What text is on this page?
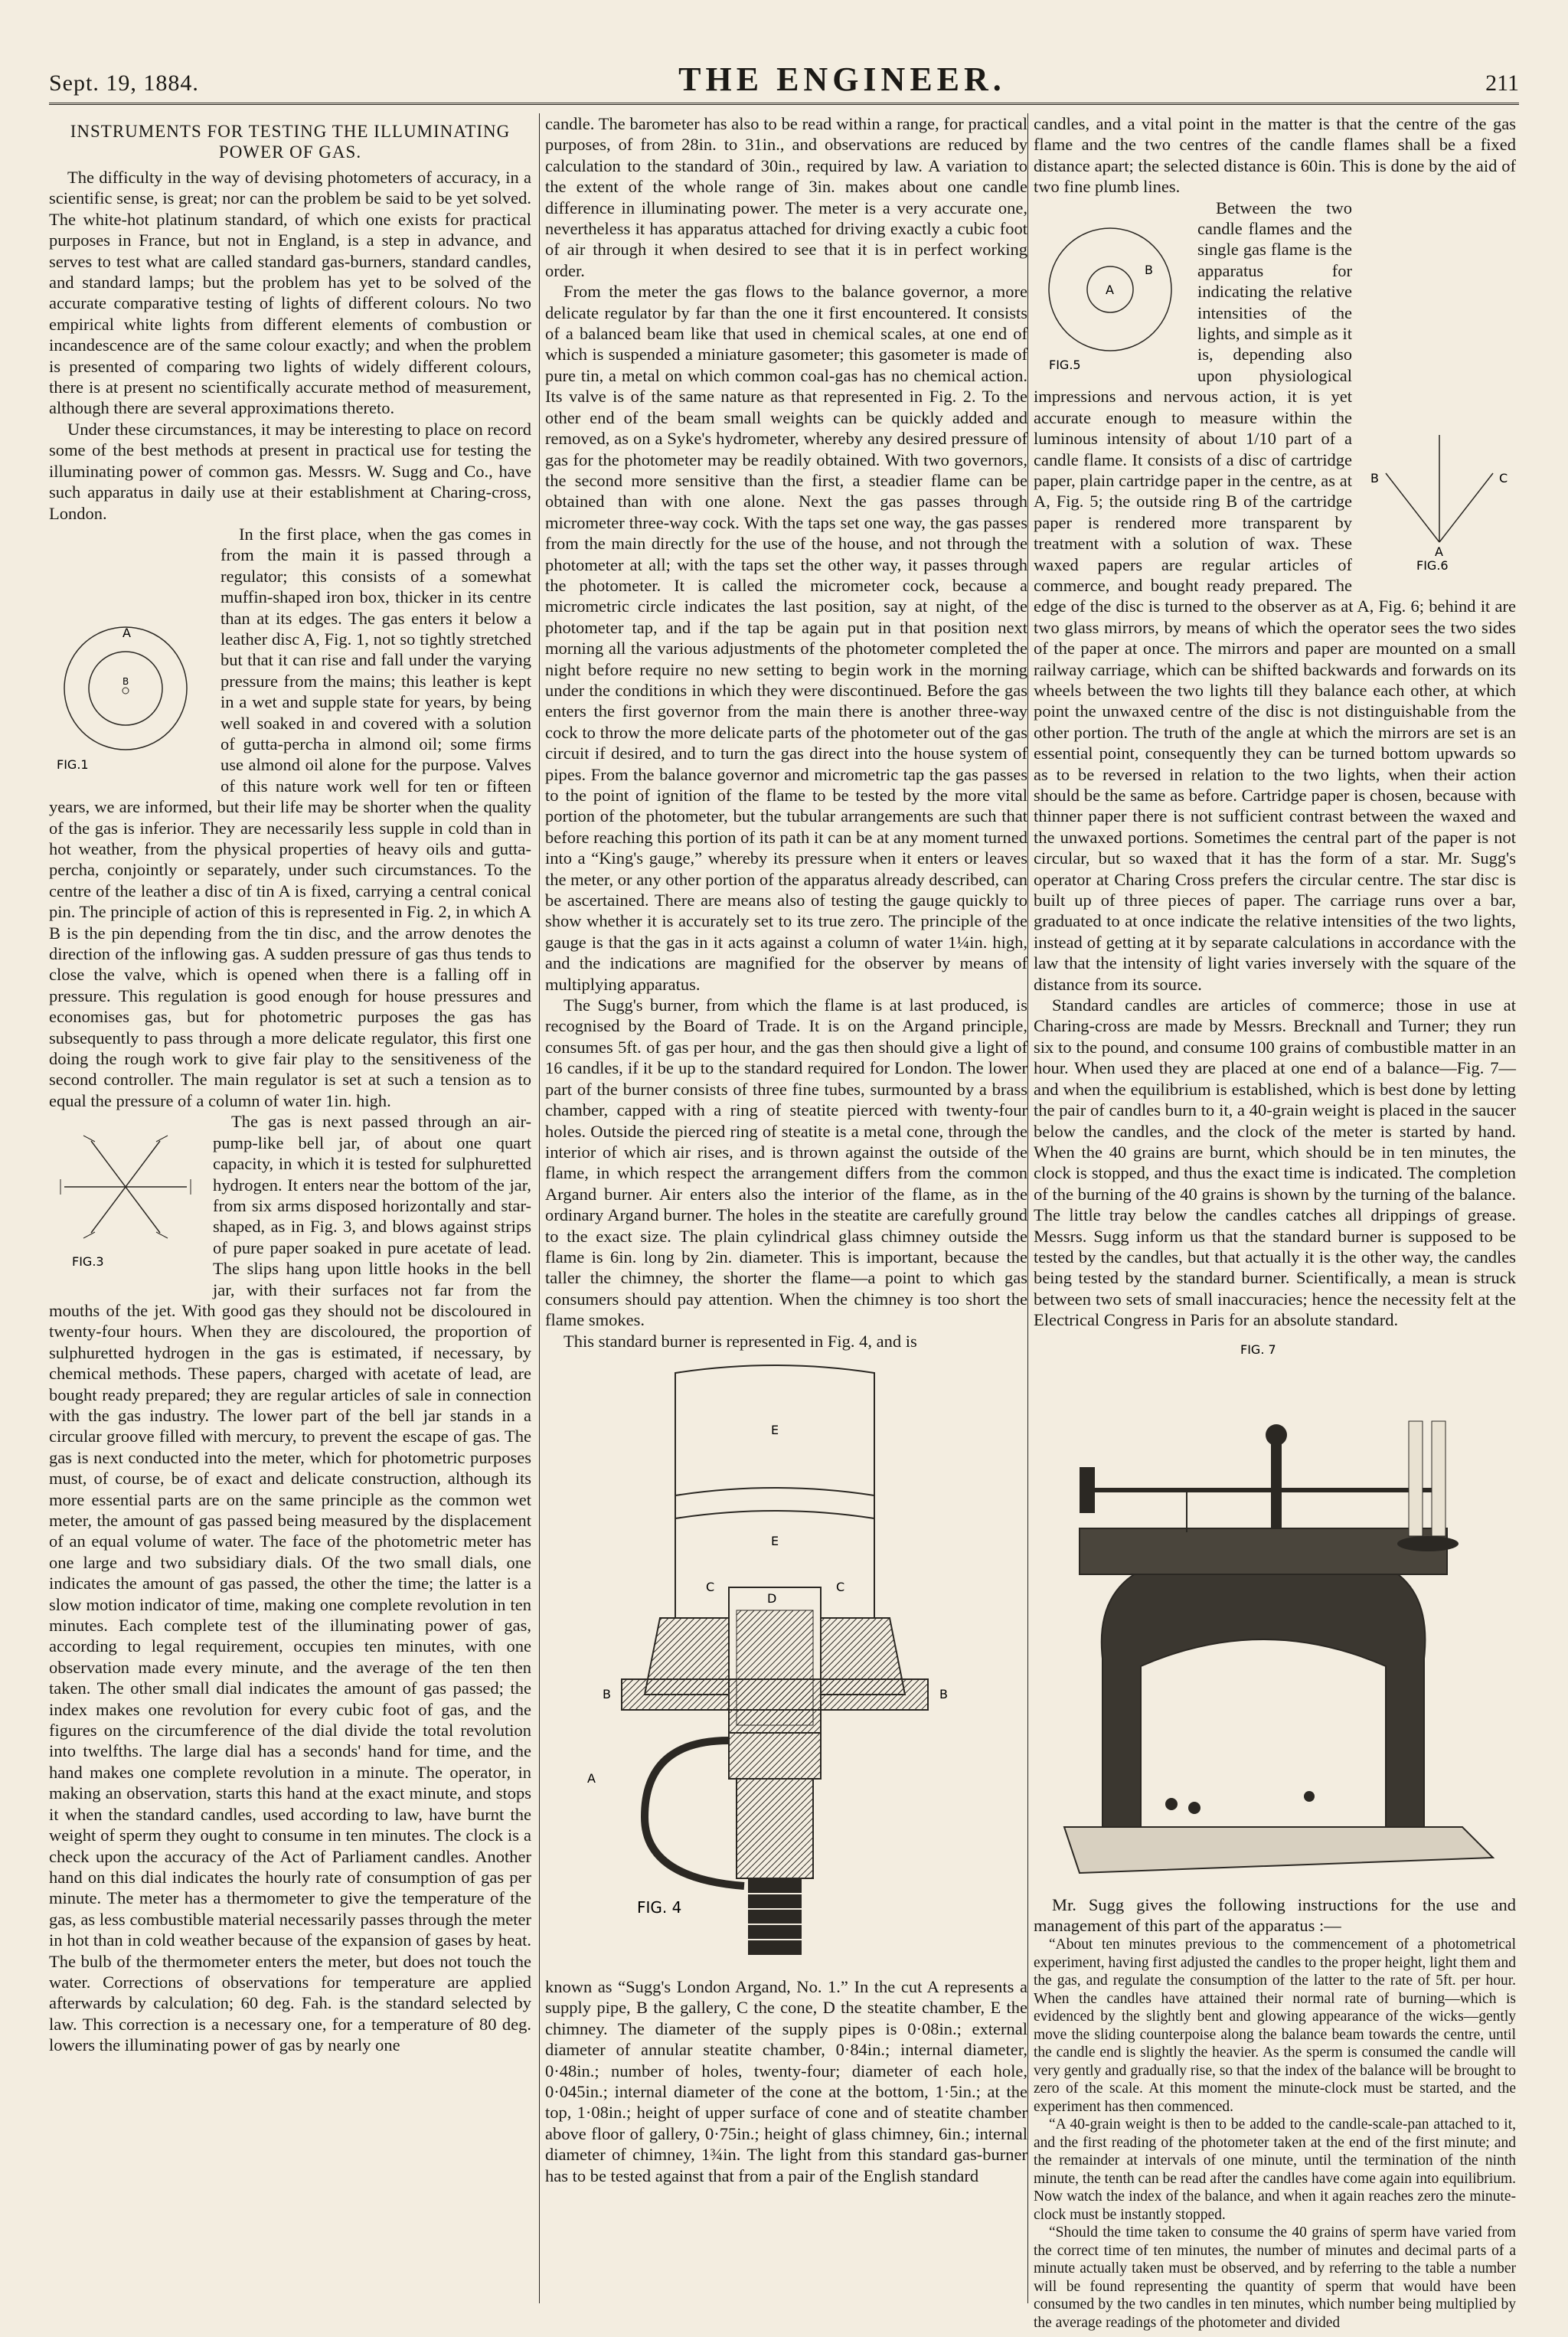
Sept. 19, 1884.	THE ENGINEER.	211
INSTRUMENTS FOR TESTING THE ILLUMINATING POWER OF GAS.

The difficulty in the way of devising photometers of accuracy, in a scientific sense, is great; nor can the problem be said to be yet solved. The white-hot platinum standard, of which one exists for practical purposes in France, but not in England, is a step in advance, and serves to test what are called standard gas-burners, standard candles, and standard lamps; but the problem has yet to be solved of the accurate comparative testing of lights of different colours. No two empirical white lights from different elements of combustion or incandescence are of the same colour exactly; and when the problem is presented of comparing two lights of widely different colours, there is at present no scientifically accurate method of measurement, although there are several approximations thereto.

Under these circumstances, it may be interesting to place on record some of the best methods at present in practical use for testing the illuminating power of common gas. Messrs. W. Sugg and Co., have such apparatus in daily use at their establishment at Charing-cross, London.

A
B
FIG.1

In the first place, when the gas comes in from the main it is passed through a regulator; this consists of a somewhat muffin-shaped iron box, thicker in its centre than at its edges. The gas enters it below a leather disc A, Fig. 1, not so tightly stretched but that it can rise and fall under the varying pressure from the mains; this leather is kept in a wet and supple state for years, by being well soaked in and covered with a solution of gutta-percha in almond oil; some firms use almond oil alone for the purpose. Valves of this nature work well for ten or fifteen years, we are informed, but their life may be shorter when the quality of the gas is inferior. They are necessarily less supple in cold than in hot weather, from the physical properties of heavy oils and gutta-percha, conjointly or separately, under such circumstances. To the centre of the leather a disc of tin A is fixed, carrying a central conical pin. The principle of action of this is represented in Fig. 2, in which A B is the pin depending from the tin disc, and the arrow denotes the direction of the inflowing gas. A sudden pressure of gas thus tends to close the valve, which is opened when there is a falling off in pressure. This regulation is good enough for house pressures and economises gas, but for photometric purposes the gas has subsequently to pass through a more delicate regulator, this first one doing the rough work to give fair play to the sensitiveness of the second controller. The main regulator is set at such a tension as to equal the pressure of a column of water 1in. high.

FIG.3

The gas is next passed through an air-pump-like bell jar, of about one quart capacity, in which it is tested for sulphuretted hydrogen. It enters near the bottom of the jar, from six arms disposed horizontally and star-shaped, as in Fig. 3, and blows against strips of pure paper soaked in pure acetate of lead. The slips hang upon little hooks in the bell jar, with their surfaces not far from the mouths of the jet. With good gas they should not be discoloured in twenty-four hours. When they are discoloured, the proportion of sulphuretted hydrogen in the gas is estimated, if necessary, by chemical methods. These papers, charged with acetate of lead, are bought ready prepared; they are regular articles of sale in connection with the gas industry. The lower part of the bell jar stands in a circular groove filled with mercury, to prevent the escape of gas. The gas is next conducted into the meter, which for photometric purposes must, of course, be of exact and delicate construction, although its more essential parts are on the same principle as the common wet meter, the amount of gas passed being measured by the displacement of an equal volume of water. The face of the photometric meter has one large and two subsidiary dials. Of the two small dials, one indicates the amount of gas passed, the other the time; the latter is a slow motion indicator of time, making one complete revolution in ten minutes. Each complete test of the illuminating power of gas, according to legal requirement, occupies ten minutes, with one observation made every minute, and the average of the ten then taken. The other small dial indicates the amount of gas passed; the index makes one revolution for every cubic foot of gas, and the figures on the circumference of the dial divide the total revolution into twelfths. The large dial has a seconds' hand for time, and the hand makes one complete revolution in a minute. The operator, in making an observation, starts this hand at the exact minute, and stops it when the standard candles, used according to law, have burnt the weight of sperm they ought to consume in ten minutes. The clock is a check upon the accuracy of the Act of Parliament candles. Another hand on this dial indicates the hourly rate of consumption of gas per minute. The meter has a thermometer to give the temperature of the gas, as less combustible material necessarily passes through the meter in hot than in cold weather because of the expansion of gases by heat. The bulb of the thermometer enters the meter, but does not touch the water. Corrections of observations for temperature are applied afterwards by calculation; 60 deg. Fah. is the standard selected by law. This correction is a necessary one, for a temperature of 80 deg. lowers the illuminating power of gas by nearly one

candle. The barometer has also to be read within a range, for practical purposes, of from 28in. to 31in., and observations are reduced by calculation to the standard of 30in., required by law. A variation to the extent of the whole range of 3in. makes about one candle difference in illuminating power. The meter is a very accurate one, nevertheless it has apparatus attached for driving exactly a cubic foot of air through it when desired to see that it is in perfect working order.

From the meter the gas flows to the balance governor, a more delicate regulator by far than the one it first encountered. It consists of a balanced beam like that used in chemical scales, at one end of which is suspended a miniature gasometer; this gasometer is made of pure tin, a metal on which common coal-gas has no chemical action. Its valve is of the same nature as that represented in Fig. 2. To the other end of the beam small weights can be quickly added and removed, as on a Syke's hydrometer, whereby any desired pressure of gas for the photometer may be readily obtained. With two governors, the second more sensitive than the first, a steadier flame can be obtained than with one alone. Next the gas passes through micrometer three-way cock. With the taps set one way, the gas passes from the main directly for the use of the house, and not through the photometer at all; with the taps set the other way, it passes through the photometer. It is called the micrometer cock, because a micrometric circle indicates the last position, say at night, of the photometer tap, and if the tap be again put in that position next morning all the various adjustments of the photometer completed the night before require no new setting to begin work in the morning under the conditions in which they were discontinued. Before the gas enters the first governor from the main there is another three-way cock to throw the more delicate parts of the photometer out of the gas circuit if desired, and to turn the gas direct into the house system of pipes. From the balance governor and micrometric tap the gas passes to the point of ignition of the flame to be tested by the more vital portion of the photometer, but the tubular arrangements are such that before reaching this portion of its path it can be at any moment turned into a “King's gauge,” whereby its pressure when it enters or leaves the meter, or any other portion of the apparatus already described, can be ascertained. There are means also of testing the gauge quickly to show whether it is accurately set to its true zero. The principle of the gauge is that the gas in it acts against a column of water 1¼in. high, and the indications are magnified for the observer by means of multiplying apparatus.

The Sugg's burner, from which the flame is at last produced, is recognised by the Board of Trade. It is on the Argand principle, consumes 5ft. of gas per hour, and the gas then should give a light of 16 candles, if it be up to the standard required for London. The lower part of the burner consists of three fine tubes, surmounted by a brass chamber, capped with a ring of steatite pierced with twenty-four holes. Outside the pierced ring of steatite is a metal cone, through the interior of which air rises, and is thrown against the outside of the flame, in which respect the arrangement differs from the common Argand burner. Air enters also the interior of the flame, as in the ordinary Argand burner. The holes in the steatite are carefully ground to the exact size. The plain cylindrical glass chimney outside the flame is 6in. long by 2in. diameter. This is important, because the taller the chimney, the shorter the flame—a point to which gas consumers should pay attention. When the chimney is too short the flame smokes.

This standard burner is represented in Fig. 4, and is

E
E
C	C
D
B	B
A
FIG. 4

known as “Sugg's London Argand, No. 1.” In the cut A represents a supply pipe, B the gallery, C the cone, D the steatite chamber, E the chimney. The diameter of the supply pipes is 0·08in.; external diameter of annular steatite chamber, 0·84in.; internal diameter, 0·48in.; number of holes, twenty-four; diameter of each hole, 0·045in.; internal diameter of the cone at the bottom, 1·5in.; at the top, 1·08in.; height of upper surface of cone and of steatite chamber above floor of gallery, 0·75in.; height of glass chimney, 6in.; internal diameter of chimney, 1¾in. The light from this standard gas-burner has to be tested against that from a pair of the English standard

candles, and a vital point in the matter is that the centre of the gas flame and the two centres of the candle flames shall be a fixed distance apart; the selected distance is 60in. This is done by the aid of two fine plumb lines.

A
B
FIG.5
B	C
A
FIG.6

Between the two candle flames and the single gas flame is the apparatus for indicating the relative intensities of the lights, and simple as it is, depending also upon physiological impressions and nervous action, it is yet accurate enough to measure within the luminous intensity of about 1/10 part of a candle flame. It consists of a disc of cartridge paper, plain cartridge paper in the centre, as at A, Fig. 5; the outside ring B of the cartridge paper is rendered more transparent by treatment with a solution of wax. These waxed papers are regular articles of commerce, and bought ready prepared. The edge of the disc is turned to the observer as at A, Fig. 6; behind it are two glass mirrors, by means of which the operator sees the two sides of the paper at once. The mirrors and paper are mounted on a small railway carriage, which can be shifted backwards and forwards on its wheels between the two lights till they balance each other, at which point the unwaxed centre of the disc is not distinguishable from the other portion. The truth of the angle at which the mirrors are set is an essential point, consequently they can be turned bottom upwards so as to be reversed in relation to the two lights, when their action should be the same as before. Cartridge paper is chosen, because with thinner paper there is not sufficient contrast between the waxed and the unwaxed portions. Sometimes the central part of the paper is not circular, but so waxed that it has the form of a star. Mr. Sugg's operator at Charing Cross prefers the circular centre. The star disc is built up of three pieces of paper. The carriage runs over a bar, graduated to at once indicate the relative intensities of the two lights, instead of getting at it by separate calculations in accordance with the law that the intensity of light varies inversely with the square of the distance from its source.

Standard candles are articles of commerce; those in use at Charing-cross are made by Messrs. Brecknall and Turner; they run six to the pound, and consume 100 grains of combustible matter in an hour. When used they are placed at one end of a balance—Fig. 7—and when the equilibrium is established, which is best done by letting the pair of candles burn to it, a 40-grain weight is placed in the saucer below the candles, and the clock of the meter is started by hand. When the 40 grains are burnt, which should be in ten minutes, the clock is stopped, and thus the exact time is indicated. The completion of the burning of the 40 grains is shown by the turning of the balance. The little tray below the candles catches all drippings of grease. Messrs. Sugg inform us that the standard burner is supposed to be tested by the candles, but that actually it is the other way, the candles being tested by the standard burner. Scientifically, a mean is struck between two sets of small inaccuracies; hence the necessity felt at the Electrical Congress in Paris for an absolute standard.

FIG. 7

Mr. Sugg gives the following instructions for the use and management of this part of the apparatus :—

“About ten minutes previous to the commencement of a photometrical experiment, having first adjusted the candles to the proper height, light them and the gas, and regulate the consumption of the latter to the rate of 5ft. per hour. When the candles have attained their normal rate of burning—which is evidenced by the slightly bent and glowing appearance of the wicks—gently move the sliding counterpoise along the balance beam towards the centre, until the candle end is slightly the heavier. As the sperm is consumed the candle will very gently and gradually rise, so that the index of the balance will be brought to zero of the scale. At this moment the minute-clock must be started, and the experiment has then commenced.

“A 40-grain weight is then to be added to the candle-scale-pan attached to it, and the first reading of the photometer taken at the end of the first minute; and the remainder at intervals of one minute, until the termination of the ninth minute, the tenth can be read after the candles have come again into equilibrium. Now watch the index of the balance, and when it again reaches zero the minute-clock must be instantly stopped.

“Should the time taken to consume the 40 grains of sperm have varied from the correct time of ten minutes, the number of minutes and decimal parts of a minute actually taken must be observed, and by referring to the table a number will be found representing the quantity of sperm that would have been consumed by the two candles in ten minutes, which number being multiplied by the average readings of the photometer and divided
